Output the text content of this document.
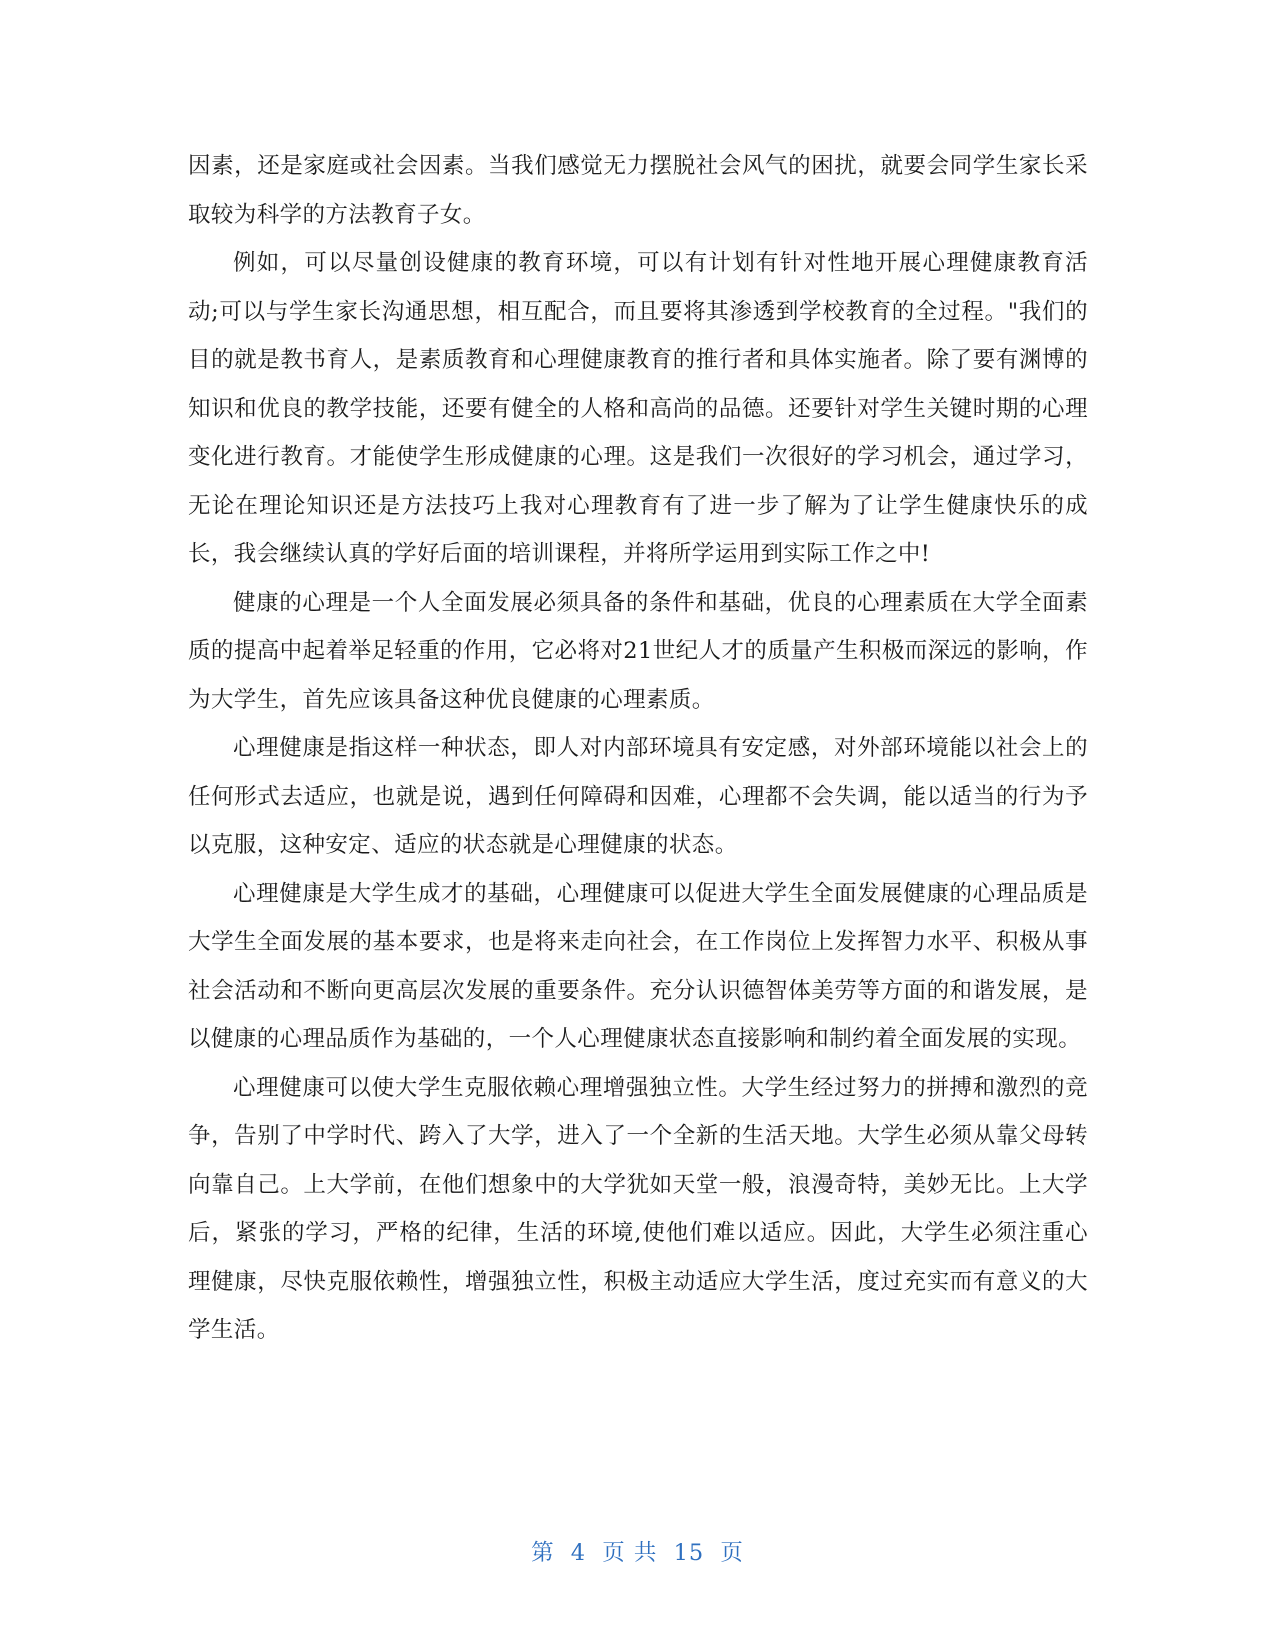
因素，还是家庭或社会因素。当我们感觉无力摆脱社会风气的困扰，就要会同学生家长采取较为科学的方法教育子女。

例如，可以尽量创设健康的教育环境，可以有计划有针对性地开展心理健康教育活动;可以与学生家长沟通思想，相互配合，而且要将其渗透到学校教育的全过程。"我们的目的就是教书育人，是素质教育和心理健康教育的推行者和具体实施者。除了要有渊博的知识和优良的教学技能，还要有健全的人格和高尚的品德。还要针对学生关键时期的心理变化进行教育。才能使学生形成健康的心理。这是我们一次很好的学习机会，通过学习，无论在理论知识还是方法技巧上我对心理教育有了进一步了解为了让学生健康快乐的成长，我会继续认真的学好后面的培训课程，并将所学运用到实际工作之中!

健康的心理是一个人全面发展必须具备的条件和基础，优良的心理素质在大学全面素质的提高中起着举足轻重的作用，它必将对21世纪人才的质量产生积极而深远的影响，作为大学生，首先应该具备这种优良健康的心理素质。

心理健康是指这样一种状态，即人对内部环境具有安定感，对外部环境能以社会上的任何形式去适应，也就是说，遇到任何障碍和因难，心理都不会失调，能以适当的行为予以克服，这种安定、适应的状态就是心理健康的状态。

心理健康是大学生成才的基础，心理健康可以促进大学生全面发展健康的心理品质是大学生全面发展的基本要求，也是将来走向社会，在工作岗位上发挥智力水平、积极从事社会活动和不断向更高层次发展的重要条件。充分认识德智体美劳等方面的和谐发展，是以健康的心理品质作为基础的，一个人心理健康状态直接影响和制约着全面发展的实现。

心理健康可以使大学生克服依赖心理增强独立性。大学生经过努力的拼搏和激烈的竞争，告别了中学时代、跨入了大学，进入了一个全新的生活天地。大学生必须从靠父母转向靠自己。上大学前，在他们想象中的大学犹如天堂一般，浪漫奇特，美妙无比。上大学后，紧张的学习，严格的纪律，生活的环境,使他们难以适应。因此，大学生必须注重心理健康，尽快克服依赖性，增强独立性，积极主动适应大学生活，度过充实而有意义的大学生活。

第 4 页 共 15 页
